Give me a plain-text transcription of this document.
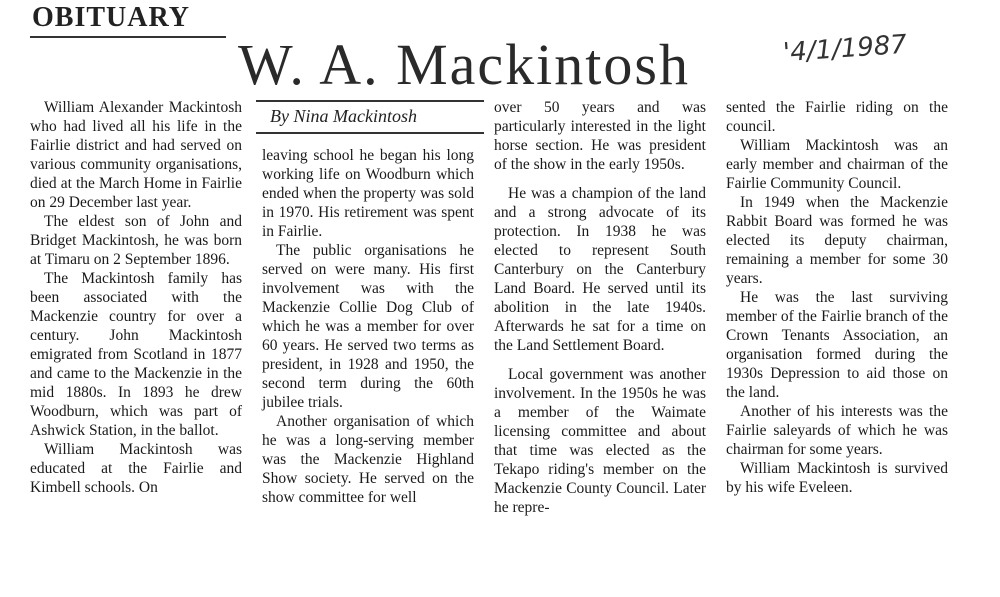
OBITUARY
W. A. Mackintosh	'4/1/1987
By Nina Mackintosh

William Alexander Mackintosh who had lived all his life in the Fairlie district and had served on various community organisations, died at the March Home in Fairlie on 29 December last year.

The eldest son of John and Bridget Mackintosh, he was born at Timaru on 2 September 1896.

The Mackintosh family has been associated with the Mackenzie country for over a century. John Mackintosh emigrated from Scotland in 1877 and came to the Mackenzie in the mid 1880s. In 1893 he drew Woodburn, which was part of Ashwick Station, in the ballot.

William Mackintosh was educated at the Fairlie and Kimbell schools. On

leaving school he began his long working life on Woodburn which ended when the property was sold in 1970. His retirement was spent in Fairlie.

The public organisations he served on were many. His first involvement was with the Mackenzie Collie Dog Club of which he was a member for over 60 years. He served two terms as president, in 1928 and 1950, the second term during the 60th jubilee trials.

Another organisation of which he was a long-serving member was the Mackenzie Highland Show society. He served on the show committee for well

over 50 years and was particularly interested in the light horse section. He was president of the show in the early 1950s.

He was a champion of the land and a strong advocate of its protection. In 1938 he was elected to represent South Canterbury on the Canterbury Land Board. He served until its abolition in the late 1940s. Afterwards he sat for a time on the Land Settlement Board.

Local government was another involvement. In the 1950s he was a member of the Waimate licensing committee and about that time was elected as the Tekapo riding's member on the Mackenzie County Council. Later he repre-

sented the Fairlie riding on the council.

William Mackintosh was an early member and chairman of the Fairlie Community Council.

In 1949 when the Mackenzie Rabbit Board was formed he was elected its deputy chairman, remaining a member for some 30 years.

He was the last surviving member of the Fairlie branch of the Crown Tenants Association, an organisation formed during the 1930s Depression to aid those on the land.

Another of his interests was the Fairlie saleyards of which he was chairman for some years.

William Mackintosh is survived by his wife Eveleen.
